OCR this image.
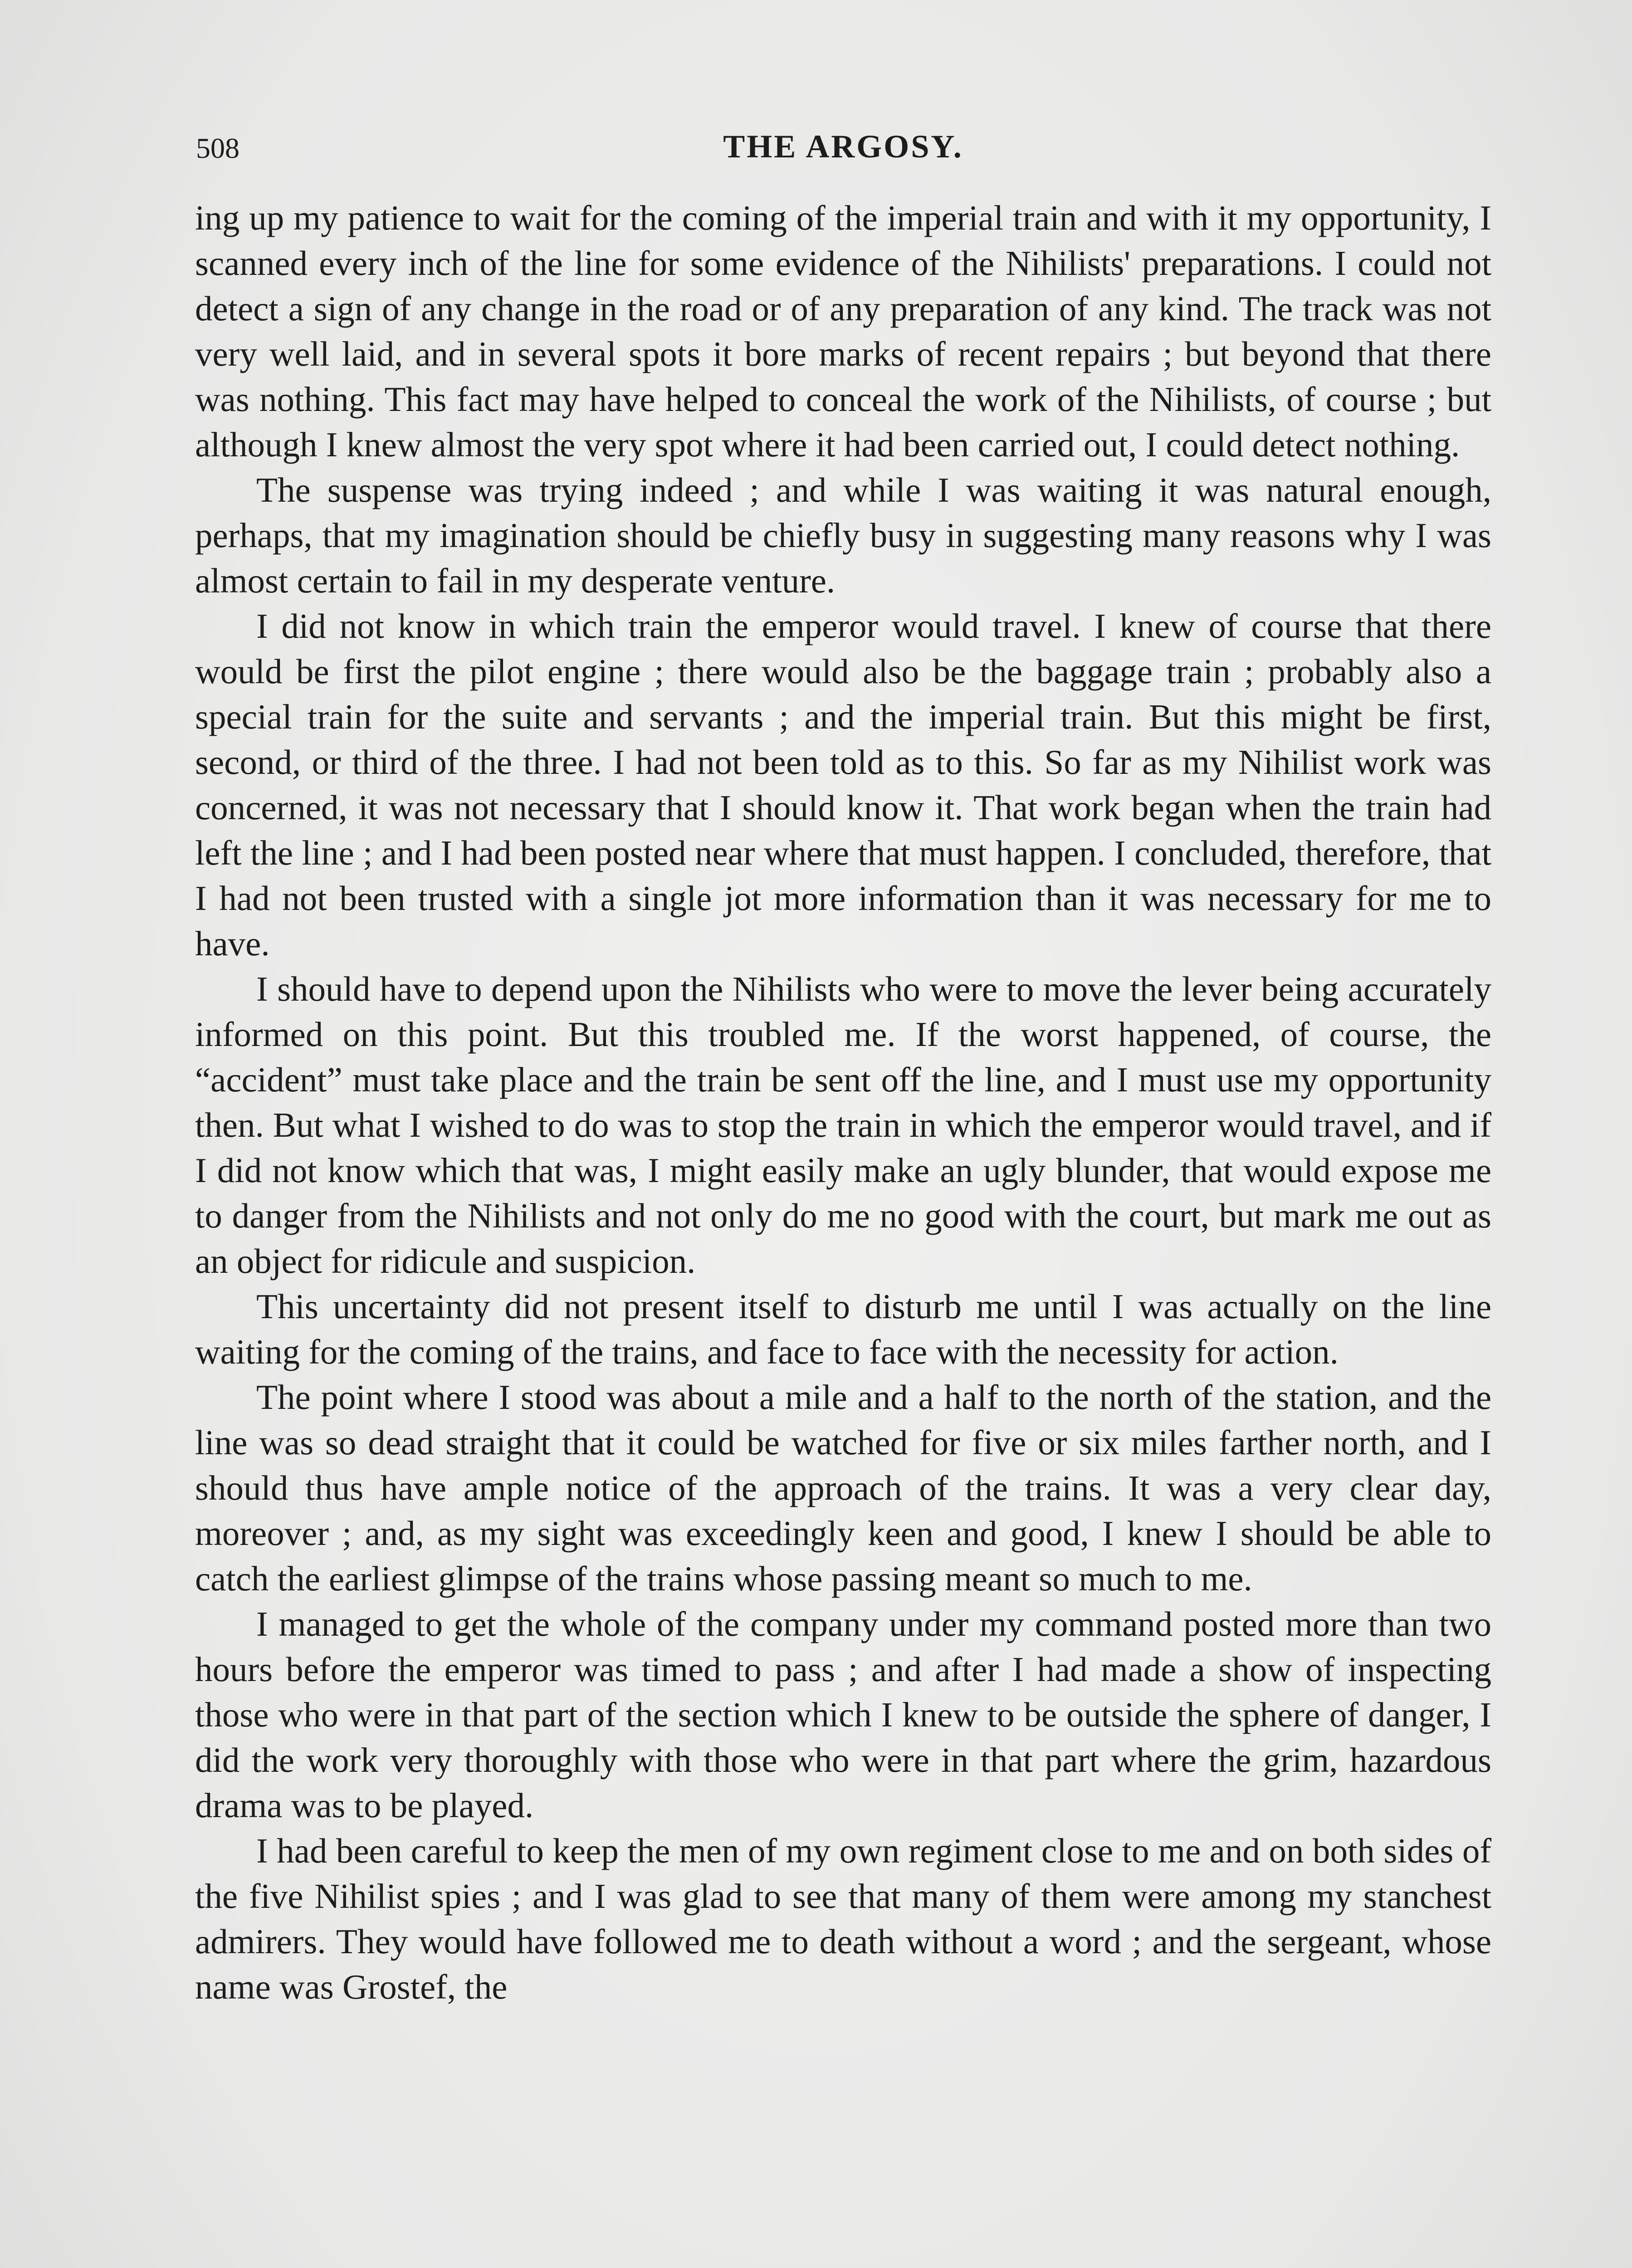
508	THE ARGOSY.

ing up my patience to wait for the coming of the imperial train and with it my opportunity, I scanned every inch of the line for some evidence of the Nihilists' preparations. I could not detect a sign of any change in the road or of any preparation of any kind. The track was not very well laid, and in several spots it bore marks of recent repairs ; but beyond that there was nothing. This fact may have helped to conceal the work of the Nihilists, of course ; but although I knew almost the very spot where it had been carried out, I could detect nothing.

The suspense was trying indeed ; and while I was waiting it was natural enough, perhaps, that my imagination should be chiefly busy in suggesting many reasons why I was almost certain to fail in my desperate venture.

I did not know in which train the emperor would travel. I knew of course that there would be first the pilot engine ; there would also be the baggage train ; probably also a special train for the suite and servants ; and the imperial train. But this might be first, second, or third of the three. I had not been told as to this. So far as my Nihilist work was concerned, it was not necessary that I should know it. That work began when the train had left the line ; and I had been posted near where that must happen. I concluded, therefore, that I had not been trusted with a single jot more information than it was necessary for me to have.

I should have to depend upon the Nihilists who were to move the lever being accurately informed on this point. But this troubled me. If the worst happened, of course, the “accident” must take place and the train be sent off the line, and I must use my opportunity then. But what I wished to do was to stop the train in which the emperor would travel, and if I did not know which that was, I might easily make an ugly blunder, that would expose me to danger from the Nihilists and not only do me no good with the court, but mark me out as an object for ridicule and suspicion.

This uncertainty did not present itself to disturb me until I was actually on the line waiting for the coming of the trains, and face to face with the necessity for action.

The point where I stood was about a mile and a half to the north of the station, and the line was so dead straight that it could be watched for five or six miles farther north, and I should thus have ample notice of the approach of the trains. It was a very clear day, moreover ; and, as my sight was exceedingly keen and good, I knew I should be able to catch the earliest glimpse of the trains whose passing meant so much to me.

I managed to get the whole of the company under my command posted more than two hours before the emperor was timed to pass ; and after I had made a show of inspecting those who were in that part of the section which I knew to be outside the sphere of danger, I did the work very thoroughly with those who were in that part where the grim, hazardous drama was to be played.

I had been careful to keep the men of my own regiment close to me and on both sides of the five Nihilist spies ; and I was glad to see that many of them were among my stanchest admirers. They would have followed me to death without a word ; and the sergeant, whose name was Grostef, the
